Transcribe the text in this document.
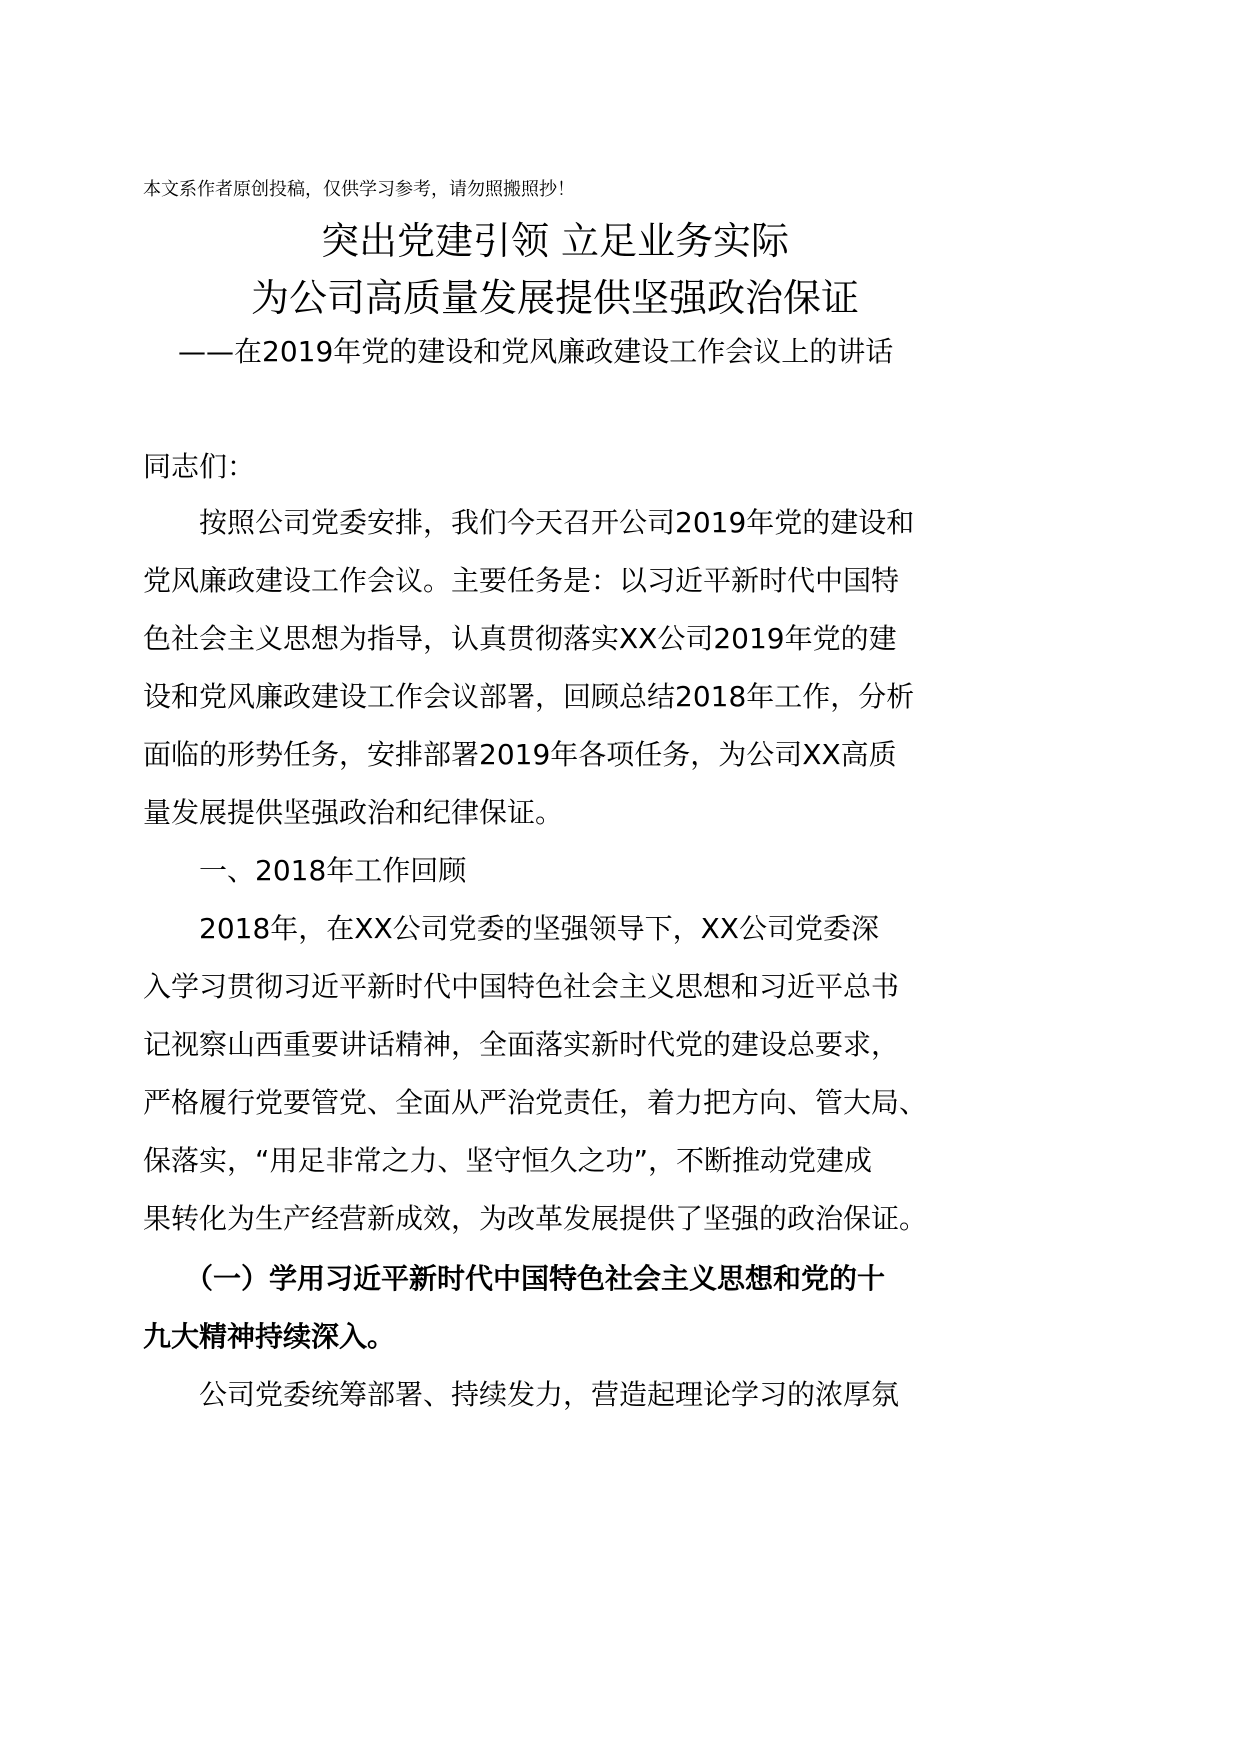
本文系作者原创投稿，仅供学习参考，请勿照搬照抄！
突出党建引领 立足业务实际
为公司高质量发展提供坚强政治保证
——在2019年党的建设和党风廉政建设工作会议上的讲话
同志们：
　　按照公司党委安排，我们今天召开公司2019年党的建设和
党风廉政建设工作会议。主要任务是：以习近平新时代中国特
色社会主义思想为指导，认真贯彻落实XX公司2019年党的建
设和党风廉政建设工作会议部署，回顾总结2018年工作，分析
面临的形势任务，安排部署2019年各项任务，为公司XX高质
量发展提供坚强政治和纪律保证。
　　一、2018年工作回顾
　　2018年，在XX公司党委的坚强领导下，XX公司党委深
入学习贯彻习近平新时代中国特色社会主义思想和习近平总书
记视察山西重要讲话精神，全面落实新时代党的建设总要求，
严格履行党要管党、全面从严治党责任，着力把方向、管大局、
保落实，“用足非常之力、坚守恒久之功”，不断推动党建成
果转化为生产经营新成效，为改革发展提供了坚强的政治保证。
　　（一）学用习近平新时代中国特色社会主义思想和党的十
九大精神持续深入。
　　公司党委统筹部署、持续发力，营造起理论学习的浓厚氛
